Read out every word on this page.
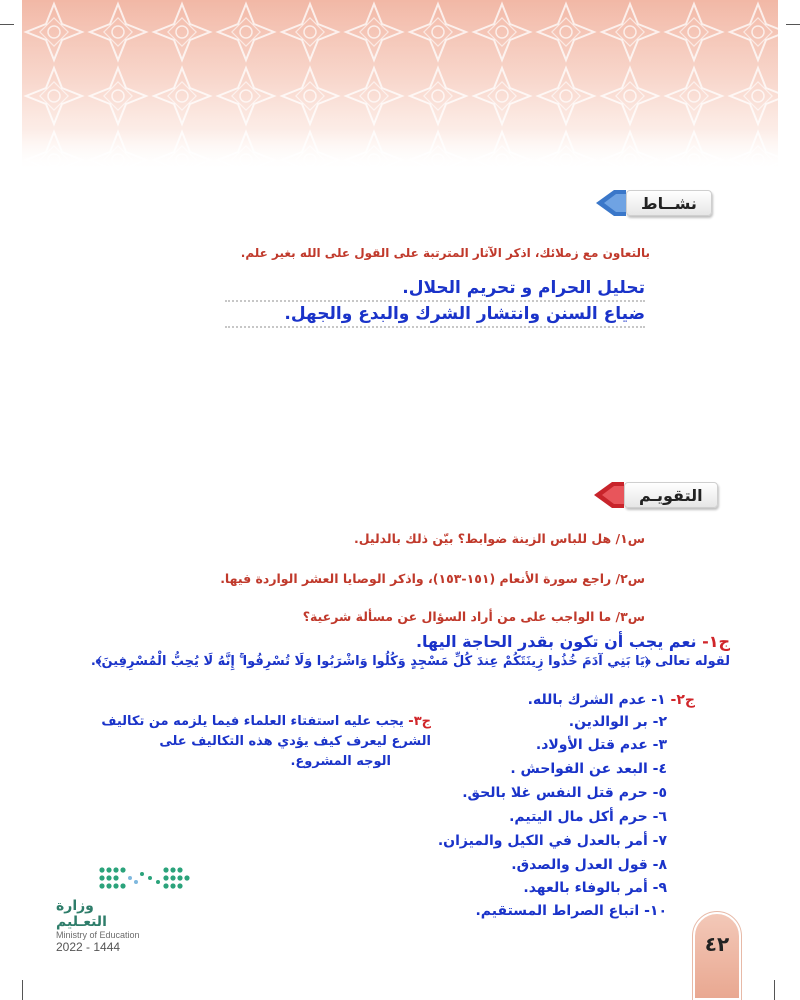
نشــاط
بالتعاون مع زملائك، اذكر الآثار المترتبة على القول على الله بغير علم.
تحليل الحرام و تحريم الحلال.
ضياع السنن وانتشار الشرك والبدع والجهل.
التقويـم
س١/ هل للباس الزينة ضوابط؟ بيّن ذلك بالدليل.
س٢/ راجع سورة الأنعام (١٥١-١٥٣)، واذكر الوصايا العشر الواردة فيها.
س٣/ ما الواجب على من أراد السؤال عن مسألة شرعية؟
ج١- نعم يجب أن تكون بقدر الحاجة اليها.
لقوله تعالى ﴿يَا بَنِي آدَمَ خُذُوا زِينَتَكُمْ عِندَ كُلِّ مَسْجِدٍ وَكُلُوا وَاشْرَبُوا وَلَا تُسْرِفُوا ۚ إِنَّهُ لَا يُحِبُّ الْمُسْرِفِينَ﴾.
ج٢- ١- عدم الشرك بالله.
٢- بر الوالدين.
٣- عدم قتل الأولاد.
٤- البعد عن الفواحش .
٥- حرم قتل النفس غلا بالحق.
٦- حرم أكل مال اليتيم.
٧- أمر بالعدل في الكيل والميزان.
٨- قول العدل والصدق.
٩- أمر بالوفاء بالعهد.
١٠- اتباع الصراط المستقيم.
ج٣- يجب عليه استفتاء العلماء فيما يلزمه من تكاليف
الشرع ليعرف كيف يؤدي هذه التكاليف على
الوجه المشروع.
وزارة التعـليم
Ministry of Education
2022 - 1444	٤٢
